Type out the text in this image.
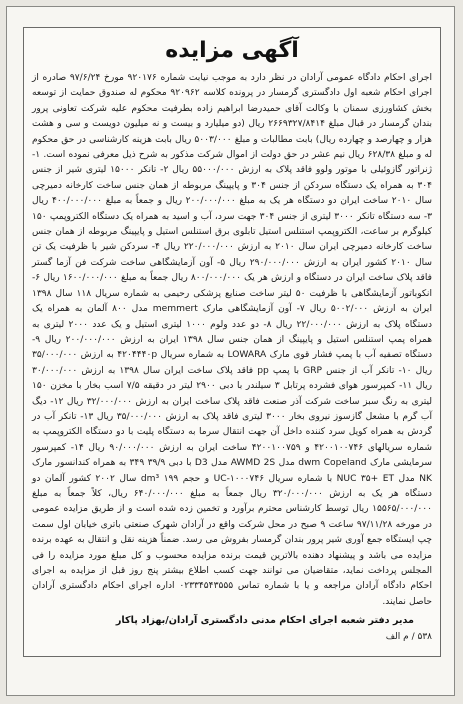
آگهی مزایده
اجرای احکام دادگاه عمومی آرادان در نظر دارد به موجب نیابت شماره ۹۲۰۱۷۶ مورخ ۹۷/۶/۲۴ صادره از اجرای احکام شعبه اول دادگستری گرمسار در پرونده کلاسه ۹۲۰۹۶۲ محکوم له صندوق حمایت از توسعه بخش کشاورزی سمنان با وکالت آقای حمیدرضا ابراهیم زاده بطرفیت محکوم علیه شرکت تعاونی پرور بندان گرمسار در قبال مبلغ ۲۶۶۹۳۲۷/۸۴۱۴ ریال (دو میلیارد و بیست و نه میلیون دویست و سی و هشت هزار و چهارصد و چهارده ریال) بابت مطالبات و مبلغ ۵۰۰۳/۰۰۰ ریال بابت هزینه کارشناسی در حق محکوم له و مبلغ ۶۲۸/۳۸ ریال نیم عشر در حق دولت از اموال شرکت مذکور به شرح ذیل معرفی نموده است. ۱- ژنراتور گازوئیلی با موتور ولوو فاقد پلاک به ارزش ۵۵۰۰۰/۰۰۰ ریال ۲- تانکر ۱۵۰۰۰ لیتری شیر از جنس ۳۰۴ به همراه یک دستگاه سردکن از جنس ۳۰۴ و پایپینگ مربوطه از همان جنس ساخت کارخانه دمیرچی سال ۲۰۱۰ ساخت ایران دو دستگاه هر یک به مبلغ ۲۰۰/۰۰۰/۰۰۰ ریال و جمعاً به مبلغ ۴۰۰/۰۰۰/۰۰۰ ریال ۳- سه دستگاه تانکر ۳۰۰۰ لیتری از جنس ۳۰۴ جهت سرد، آب و اسید به همراه یک دستگاه الکتروپمپ ۱۵۰ کیلوگرم بر ساعت، الکتروپمپ استنلس استیل تابلوی برق استنلس استیل و پایپینگ مربوطه از همان جنس ساخت کارخانه دمیرچی ایران سال ۲۰۱۰ به ارزش ۲۲۰/۰۰۰/۰۰۰ ریال ۴- سردکن شیر با ظرفیت یک تن سال ۲۰۱۰ کشور ایران به ارزش ۲۹۰/۰۰۰/۰۰۰ ریال ۵- آون آزمایشگاهی ساخت شرکت فن آزما گستر فاقد پلاک ساخت ایران در دستگاه و ارزش هر یک ۸۰۰/۰۰۰/۰۰۰ ریال جمعاً به مبلغ ۱۶۰۰/۰۰۰/۰۰۰ ریال ۶- انکوباتور آزمایشگاهی با ظرفیت ۵۰ لیتر ساخت صنایع پزشکی رحیمی به شماره سریال ۱۱۸ سال ۱۳۹۸ ایران به ارزش ۵۰۰۲/۰۰۰ ریال ۷- آون آزمایشگاهی مارک memmert مدل ۸۰۰ آلمان به همراه یک دستگاه پلاک به ارزش ۲۲/۰۰۰/۰۰۰ ریال ۸- دو عدد ولوم ۱۰۰۰ لیتری استیل و یک عدد ۲۰۰۰ لیتری به همراه پمپ استنلس استیل و پایپینگ از همان جنس سال ۱۳۹۸ ایران به ارزش ۲۰۰/۰۰۰/۰۰۰ ریال ۹- دستگاه تصفیه آب با پمپ فشار قوی مارک LOWARA به شماره سریال ۴۲۰۴۴۴۰p به ارزش ۳۵/۰۰۰/۰۰۰ ریال ۱۰- تانکر آب از جنس GRP با پمپ pp فاقد پلاک ساخت ایران سال ۱۳۹۸ به ارزش ۳۰/۰۰۰/۰۰۰ ریال ۱۱- کمپرسور هوای فشرده پرتابل ۳ سیلندر با دبی ۲۹۰۰ لیتر در دقیقه ۷/۵ اسب بخار با مخزن ۱۵۰ لیتری به رنگ سبز ساخت شرکت آذر صنعت فاقد پلاک ساخت ایران به ارزش ۳۲/۰۰۰/۰۰۰ ریال ۱۲- دیگ آب گرم با مشعل گازسوز نیروی بخار ۳۰۰۰ لیتری فاقد پلاک به ارزش ۳۵/۰۰۰/۰۰۰ ریال ۱۳- تانکر آب در گردش به همراه کویل سرد کننده داخل آن جهت انتقال سرما به دستگاه پلیت با دو دستگاه الکتروپمپ به شماره سریالهای ۴۲۰۰۱۰۰۷۴۶ و ۴۲۰۰۱۰۰۷۵۹ ساخت ایران به ارزش ۹۰/۰۰۰/۰۰۰ ریال ۱۴- کمپرسور سرمایشی مارک dwm Copeland مدل AWMD 2S مدل D3 با دبی ۳۹/۹ ۳۴۹ به همراه کندانسور مارک NK مدل NUC ۳۵+ ET با شماره سریال UC-۱۰۰۰۷۴۶ و حجم ۱۹۹ dm³ سال ۲۰۰۲ کشور آلمان دو دستگاه هر یک به ارزش ۳۲۰/۰۰۰/۰۰۰ ریال جمعاً به مبلغ ۶۴۰/۰۰۰/۰۰۰ ریال، کلاً جمعاً به مبلغ ۱۵۵۶۵/۰۰۰/۰۰۰ ریال توسط کارشناس محترم برآورد و تخمین زده شده است و از طریق مزایده عمومی در مورخه ۹۷/۱۱/۲۸ ساعت ۹ صبح در محل شرکت واقع در آرادان شهرک صنعتی باتری خیابان اول سمت چپ ایستگاه جمع آوری شیر پرور بندان گرمسار بفروش می رسد. ضمناً هزینه نقل و انتقال به عهده برنده مزایده می باشد و پیشنهاد دهنده بالاترین قیمت برنده مزایده محسوب و کل مبلغ مورد مزایده را فی المجلس پرداخت نماید، متقاضیان می توانند جهت کسب اطلاع بیشتر پنج روز قبل از مزایده به اجرای احکام دادگاه آرادان مراجعه و یا با شماره تماس ۰۲۳۳۴۵۴۳۵۵۵ اداره اجرای احکام دادگستری آرادان حاصل نمایند.
مدیر دفتر شعبه اجرای احکام مدنی دادگستری آرادان/بهزاد پاکار
۵۳۸ / م الف
